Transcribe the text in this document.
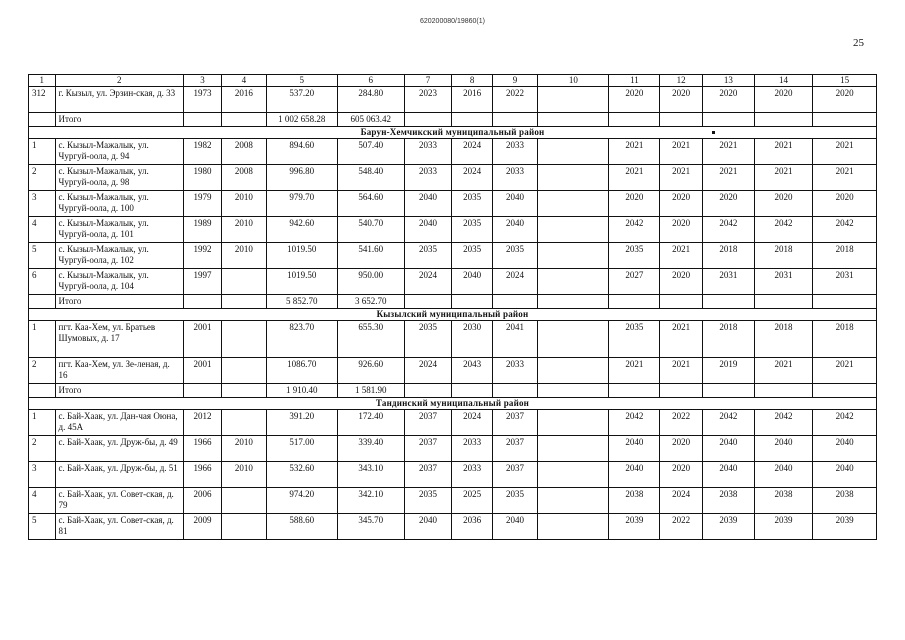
620200080/19860(1)
25
1	2	3	4	5	6	7	8	9	10	11	12	13	14	15
312	г. Кызыл, ул. Эрзин-ская, д. 33	1973	2016	537.20	284.80	2023	2016	2022		2020	2020	2020	2020	2020
	Итого			1 002 658.28	605 063.42									
Барун-Хемчикский муниципальный район														
1	с. Кызыл-Мажалык, ул. Чургуй-оола, д. 94	1982	2008	894.60	507.40	2033	2024	2033		2021	2021	2021	2021	2021
2	с. Кызыл-Мажалык, ул. Чургуй-оола, д. 98	1980	2008	996.80	548.40	2033	2024	2033		2021	2021	2021	2021	2021
3	с. Кызыл-Мажалык, ул. Чургуй-оола, д. 100	1979	2010	979.70	564.60	2040	2035	2040		2020	2020	2020	2020	2020
4	с. Кызыл-Мажалык, ул. Чургуй-оола, д. 101	1989	2010	942.60	540.70	2040	2035	2040		2042	2020	2042	2042	2042
5	с. Кызыл-Мажалык, ул. Чургуй-оола, д. 102	1992	2010	1019.50	541.60	2035	2035	2035		2035	2021	2018	2018	2018
6	с. Кызыл-Мажалык, ул. Чургуй-оола, д. 104	1997		1019.50	950.00	2024	2040	2024		2027	2020	2031	2031	2031
	Итого			5 852.70	3 652.70									
Кызылский муниципальный район														
1	пгт. Каа-Хем, ул. Братьев Шумовых, д. 17	2001		823.70	655.30	2035	2030	2041		2035	2021	2018	2018	2018
2	пгт. Каа-Хем, ул. Зе-леная, д. 16	2001		1086.70	926.60	2024	2043	2033		2021	2021	2019	2021	2021
	Итого			1 910.40	1 581.90									
Тандинский муниципальный район														
1	с. Бай-Хаак, ул. Дан-чая Оюна, д. 45А	2012		391.20	172.40	2037	2024	2037		2042	2022	2042	2042	2042
2	с. Бай-Хаак, ул. Друж-бы, д. 49	1966	2010	517.00	339.40	2037	2033	2037		2040	2020	2040	2040	2040
3	с. Бай-Хаак, ул. Друж-бы, д. 51	1966	2010	532.60	343.10	2037	2033	2037		2040	2020	2040	2040	2040
4	с. Бай-Хаак, ул. Совет-ская, д. 79	2006		974.20	342.10	2035	2025	2035		2038	2024	2038	2038	2038
5	с. Бай-Хаак, ул. Совет-ская, д. 81	2009		588.60	345.70	2040	2036	2040		2039	2022	2039	2039	2039
